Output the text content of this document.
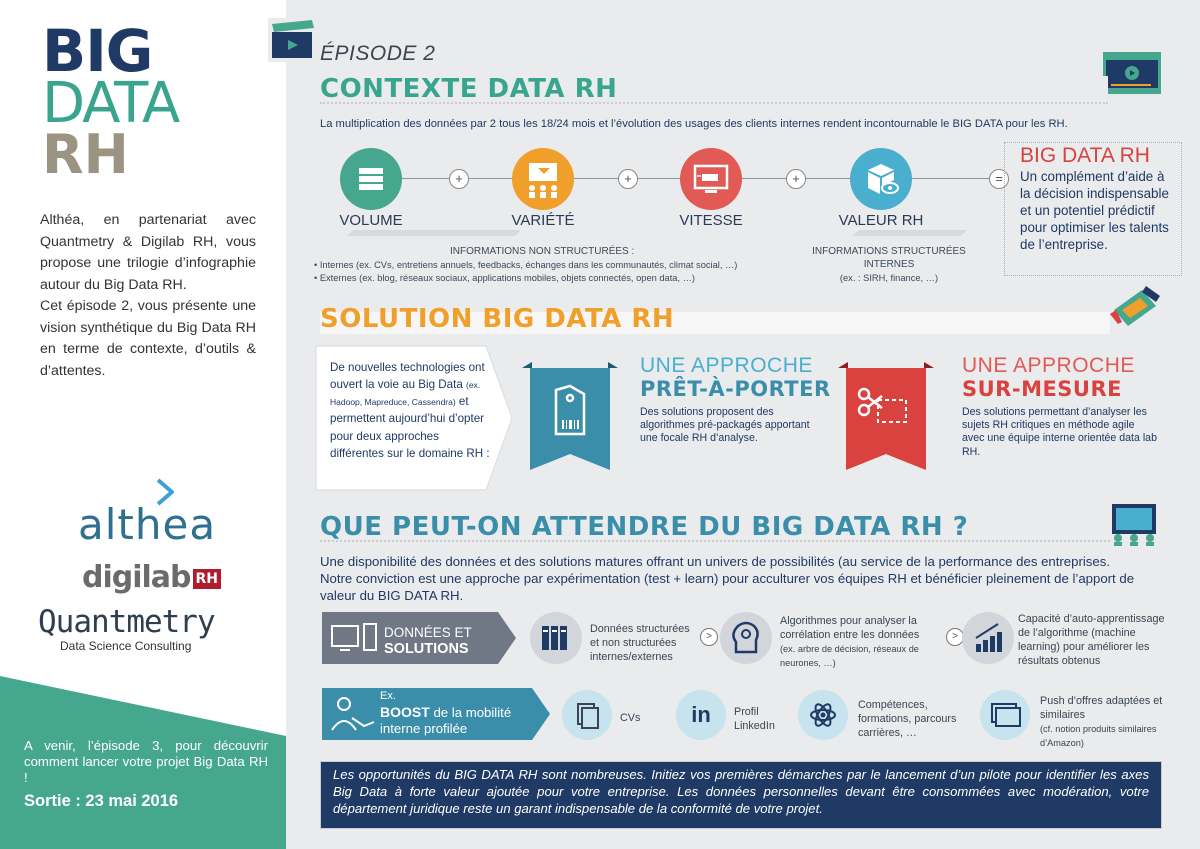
BIG
DATA
RH

Althéa, en partenariat avec Quantmetry & Digilab RH, vous propose une trilogie d’infographie autour du Big Data RH.

Cet épisode 2, vous présente une vision synthétique du Big Data RH en terme de contexte, d’outils & d’attentes.

althea
digilab RH
Quantmetry
Data Science Consulting
A venir, l’épisode 3, pour découvrir comment lancer votre projet Big Data RH !
Sortie : 23 mai 2016
ÉPISODE 2
CONTEXTE DATA RH
La multiplication des données par 2 tous les 18/24 mois et l’évolution des usages des clients internes rendent incontournable le BIG DATA pour les RH.
+	+	+	=
VOLUME	VARIÉTÉ	VITESSE	VALEUR RH
INFORMATIONS NON STRUCTURÉES :
• Internes (ex. CVs, entretiens annuels, feedbacks, échanges dans les communautés, climat social, …)
• Externes (ex. blog, réseaux sociaux, applications mobiles, objets connectés, open data, …)
INFORMATIONS STRUCTURÉES INTERNES
(ex. : SIRH, finance, …)
BIG DATA RH
Un complément d’aide à la décision indispensable et un potentiel prédictif pour optimiser les talents de l’entreprise.
SOLUTION BIG DATA RH
De nouvelles technologies ont ouvert la voie au Big Data (ex. Hadoop, Mapreduce, Cassendra) et permettent aujourd’hui d’opter pour deux approches différentes sur le domaine RH :
UNE APPROCHE
PRÊT-À-PORTER
Des solutions proposent des algorithmes pré-packagés apportant une focale RH d’analyse.
UNE APPROCHE
SUR-MESURE
Des solutions permettant d’analyser les sujets RH critiques en méthode agile avec une équipe interne orientée data lab RH.
QUE PEUT-ON ATTENDRE DU BIG DATA RH ?
Une disponibilité des données et des solutions matures offrant un univers de possibilités (au service de la performance des entreprises.
Notre conviction est une approche par expérimentation (test + learn) pour acculturer vos équipes RH et bénéficier pleinement de l’apport de valeur du BIG DATA RH.
DONNÉES ET
SOLUTIONS
Données structurées et non structurées internes/externes
>
Algorithmes pour analyser la corrélation entre les données
(ex. arbre de décision, réseaux de neurones, …)
>
Capacité d’auto-apprentissage de l’algorithme (machine learning) pour améliorer les résultats obtenus
Ex.
BOOST de la mobilité
interne profilée
CVs	in	Profil LinkedIn
Compétences, formations, parcours carrières, …
Push d’offres adaptées et similaires
(cf. notion produits similaires d’Amazon)
Les opportunités du BIG DATA RH sont nombreuses. Initiez vos premières démarches par le lancement d’un pilote pour identifier les axes Big Data à forte valeur ajoutée pour votre entreprise. Les données personnelles devant être consommées avec modération, votre département juridique reste un garant indispensable de la conformité de votre projet.
